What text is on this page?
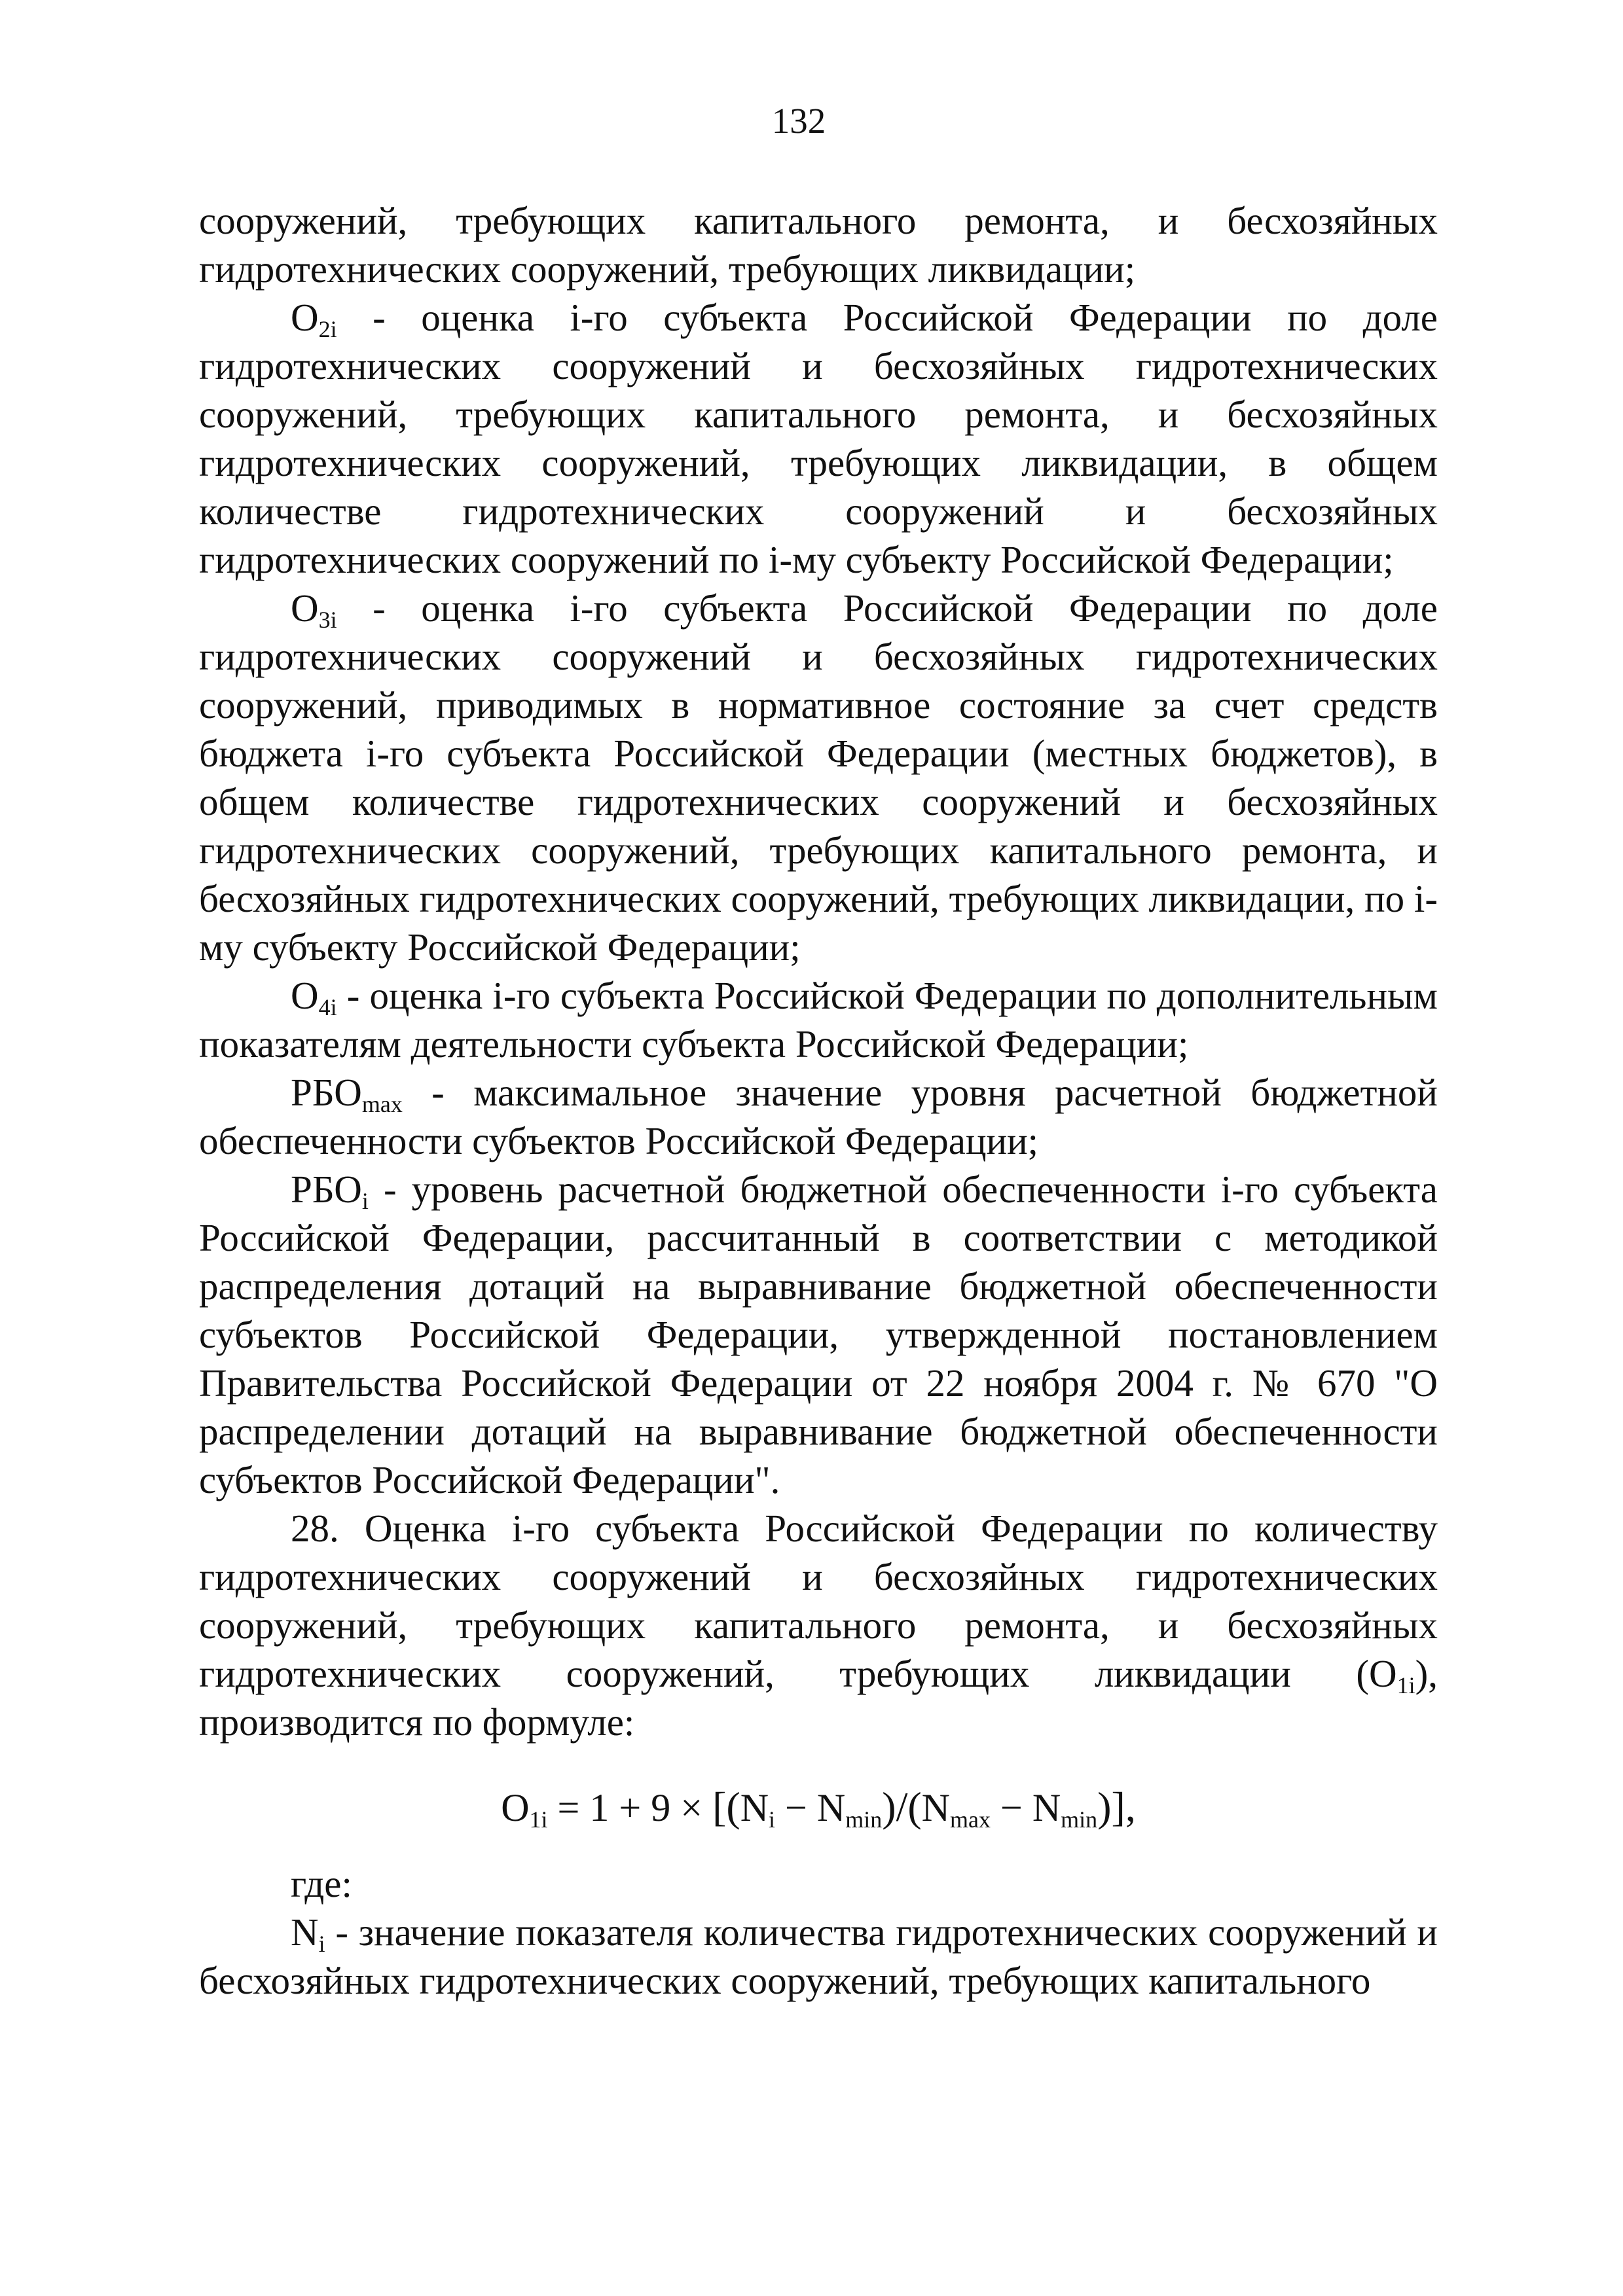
132

сооружений, требующих капитального ремонта, и бесхозяйных гидротехнических сооружений, требующих ликвидации;

$O_{2i}$ - оценка i-го субъекта Российской Федерации по доле гидротехнических сооружений и бесхозяйных гидротехнических сооружений, требующих капитального ремонта, и бесхозяйных гидротехнических сооружений, требующих ликвидации, в общем количестве гидротехнических сооружений и бесхозяйных гидротехнических сооружений по i-му субъекту Российской Федерации;

$O_{3i}$ - оценка i-го субъекта Российской Федерации по доле гидротехнических сооружений и бесхозяйных гидротехнических сооружений, приводимых в нормативное состояние за счет средств бюджета i-го субъекта Российской Федерации (местных бюджетов), в общем количестве гидротехнических сооружений и бесхозяйных гидротехнических сооружений, требующих капитального ремонта, и бесхозяйных гидротехнических сооружений, требующих ликвидации, по i-му субъекту Российской Федерации;

$O_{4i}$ - оценка i-го субъекта Российской Федерации по дополнительным показателям деятельности субъекта Российской Федерации;

$РБО_{max}$ - максимальное значение уровня расчетной бюджетной обеспеченности субъектов Российской Федерации;

$РБО_i$ - уровень расчетной бюджетной обеспеченности i-го субъекта Российской Федерации, рассчитанный в соответствии с методикой распределения дотаций на выравнивание бюджетной обеспеченности субъектов Российской Федерации, утвержденной постановлением Правительства Российской Федерации от 22 ноября 2004 г. № 670 "О распределении дотаций на выравнивание бюджетной обеспеченности субъектов Российской Федерации".

28. Оценка i-го субъекта Российской Федерации по количеству гидротехнических сооружений и бесхозяйных гидротехнических сооружений, требующих капитального ремонта, и бесхозяйных гидротехнических сооружений, требующих ликвидации $(O_{1i})$, производится по формуле:

$O_{1i} = 1 + 9 \times [(N_i - N_{min})/(N_{max} - N_{min})]$,

где:

$N_i$ - значение показателя количества гидротехнических сооружений и бесхозяйных гидротехнических сооружений, требующих капитального
